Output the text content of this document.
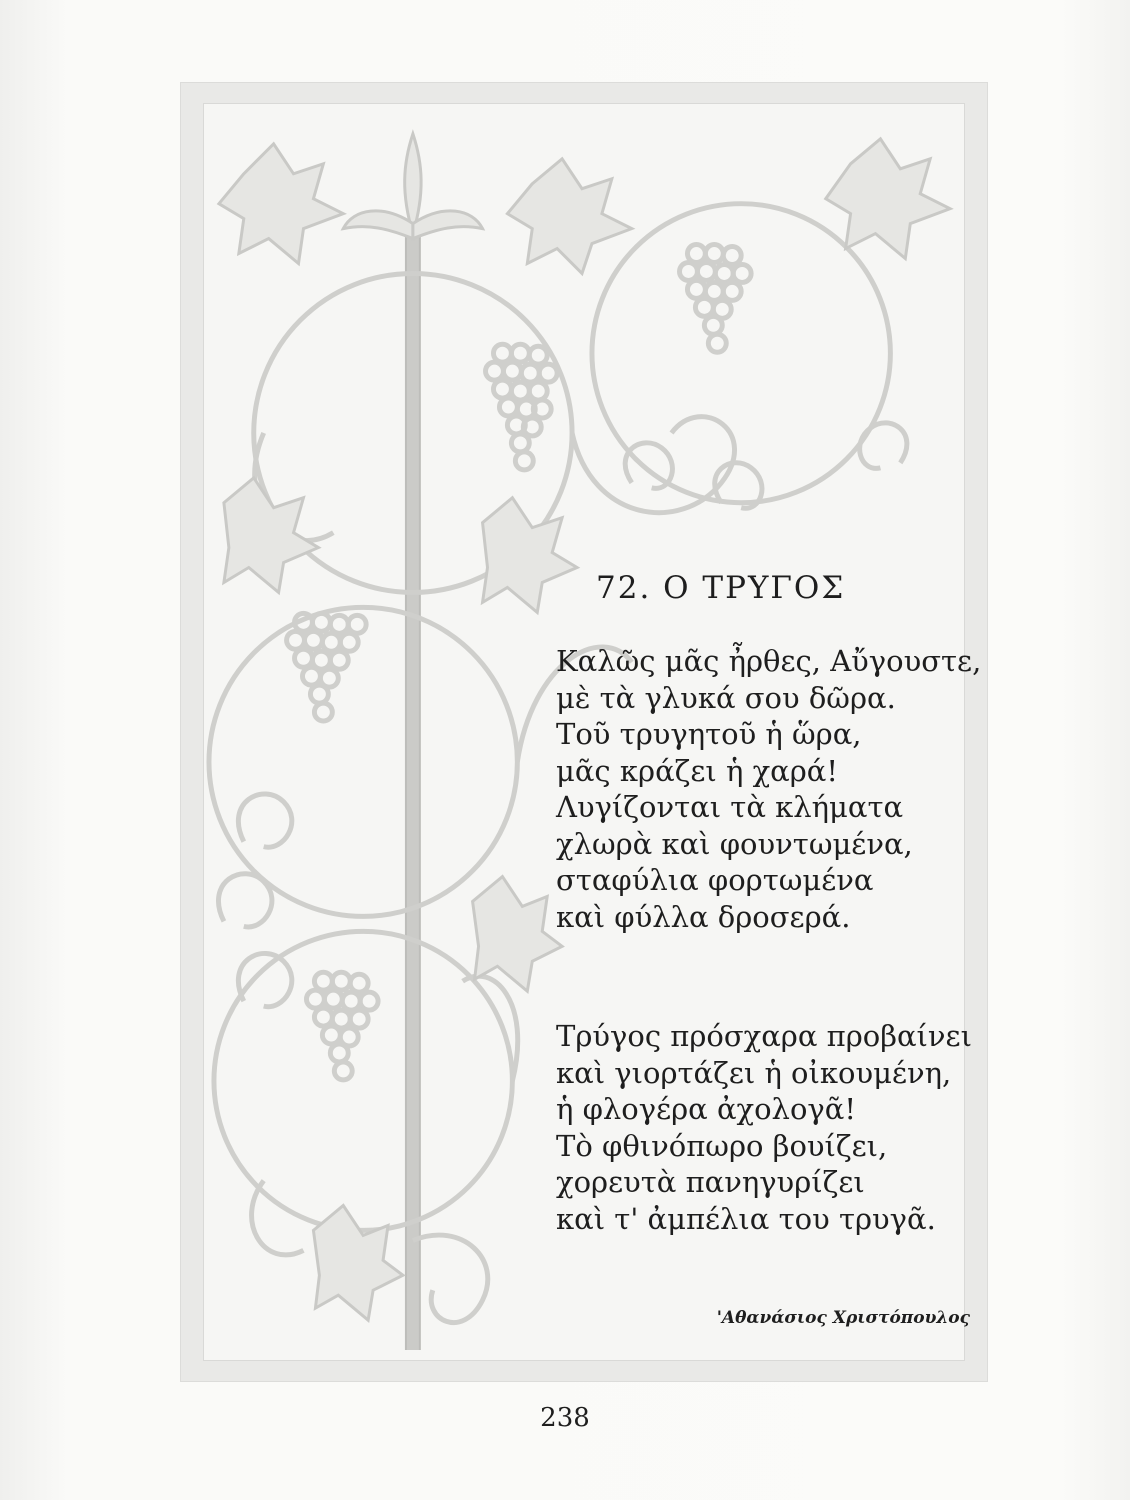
72. Ο ΤΡΥΓΟΣ
Καλῶς μᾶς ἦρθες, Αὔγουστε,
μὲ τὰ γλυκά σου δῶρα.
Τοῦ τρυγητοῦ ἡ ὥρα,
μᾶς κράζει ἡ χαρά!
Λυγίζονται τὰ κλήματα
χλωρὰ καὶ φουντωμένα,
σταφύλια φορτωμένα
καὶ φύλλα δροσερά.
Τρύγος πρόσχαρα προβαίνει
καὶ γιορτάζει ἡ οἰκουμένη,
ἡ φλογέρα ἀχολογᾶ!
Τὸ φθινόπωρο βουίζει,
χορευτὰ πανηγυρίζει
καὶ τ' ἀμπέλια του τρυγᾶ.
'Αθανάσιος Χριστόπουλος
238
